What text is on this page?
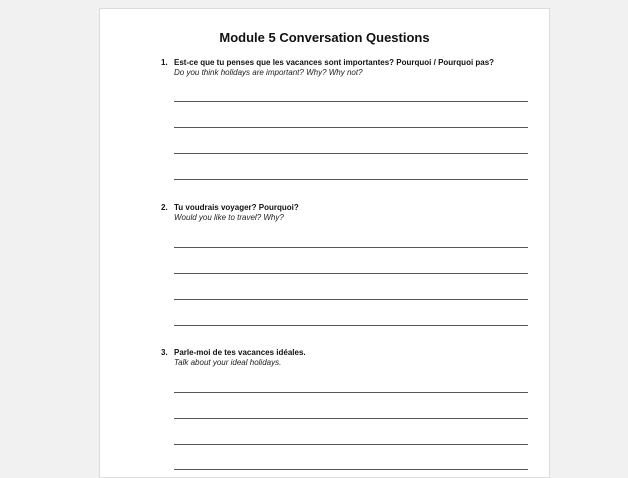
Module 5 Conversation Questions
1. Est-ce que tu penses que les vacances sont importantes? Pourquoi / Pourquoi pas?
Do you think holidays are important? Why? Why not?
2. Tu voudrais voyager? Pourquoi?
Would you like to travel? Why?
3. Parle-moi de tes vacances idéales.
Talk about your ideal holidays.
